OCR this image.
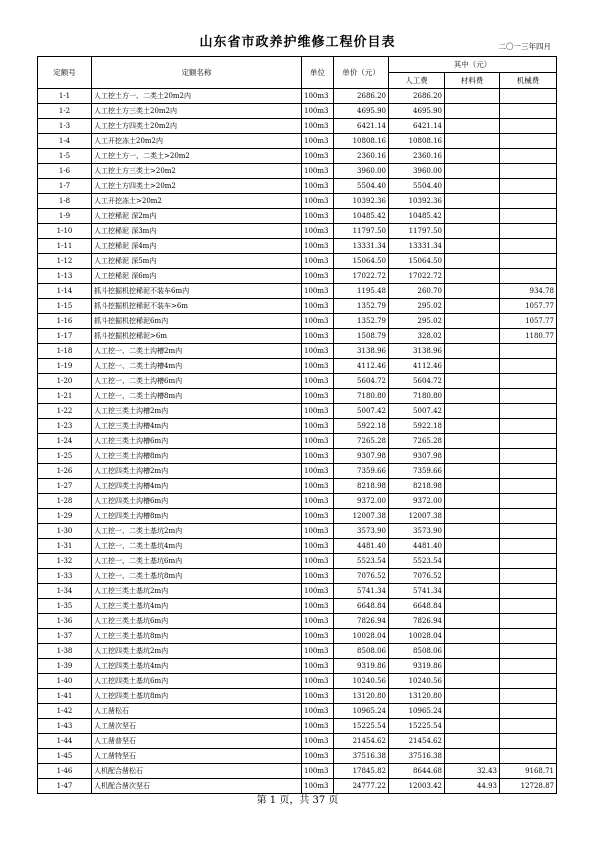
山东省市政养护维修工程价目表	二〇一三年四月
定额号	定额名称	单位	单价（元）	其中（元）		
				人工费	材料费	机械费
1-1	人工挖土方一、二类土20m2内	100m3	2686.20	2686.20		
1-2	人工挖土方三类土20m2内	100m3	4695.90	4695.90		
1-3	人工挖土方四类土20m2内	100m3	6421.14	6421.14		
1-4	人工开挖冻土20m2内	100m3	10808.16	10808.16		
1-5	人工挖土方一、二类土>20m2	100m3	2360.16	2360.16		
1-6	人工挖土方三类土>20m2	100m3	3960.00	3960.00		
1-7	人工挖土方四类土>20m2	100m3	5504.40	5504.40		
1-8	人工开挖冻土>20m2	100m3	10392.36	10392.36		
1-9	人工挖稀泥 深2m内	100m3	10485.42	10485.42		
1-10	人工挖稀泥 深3m内	100m3	11797.50	11797.50		
1-11	人工挖稀泥 深4m内	100m3	13331.34	13331.34		
1-12	人工挖稀泥 深5m内	100m3	15064.50	15064.50		
1-13	人工挖稀泥 深6m内	100m3	17022.72	17022.72		
1-14	抓斗挖掘机挖稀泥不装车6m内	100m3	1195.48	260.70		934.78
1-15	抓斗挖掘机挖稀泥不装车>6m	100m3	1352.79	295.02		1057.77
1-16	抓斗挖掘机挖稀泥6m内	100m3	1352.79	295.02		1057.77
1-17	抓斗挖掘机挖稀泥>6m	100m3	1508.79	328.02		1180.77
1-18	人工挖一、二类土沟槽2m内	100m3	3138.96	3138.96		
1-19	人工挖一、二类土沟槽4m内	100m3	4112.46	4112.46		
1-20	人工挖一、二类土沟槽6m内	100m3	5604.72	5604.72		
1-21	人工挖一、二类土沟槽8m内	100m3	7180.80	7180.80		
1-22	人工挖三类土沟槽2m内	100m3	5007.42	5007.42		
1-23	人工挖三类土沟槽4m内	100m3	5922.18	5922.18		
1-24	人工挖三类土沟槽6m内	100m3	7265.28	7265.28		
1-25	人工挖三类土沟槽8m内	100m3	9307.98	9307.98		
1-26	人工挖四类土沟槽2m内	100m3	7359.66	7359.66		
1-27	人工挖四类土沟槽4m内	100m3	8218.98	8218.98		
1-28	人工挖四类土沟槽6m内	100m3	9372.00	9372.00		
1-29	人工挖四类土沟槽8m内	100m3	12007.38	12007.38		
1-30	人工挖一、二类土基坑2m内	100m3	3573.90	3573.90		
1-31	人工挖一、二类土基坑4m内	100m3	4481.40	4481.40		
1-32	人工挖一、二类土基坑6m内	100m3	5523.54	5523.54		
1-33	人工挖一、二类土基坑8m内	100m3	7076.52	7076.52		
1-34	人工挖三类土基坑2m内	100m3	5741.34	5741.34		
1-35	人工挖三类土基坑4m内	100m3	6648.84	6648.84		
1-36	人工挖三类土基坑6m内	100m3	7826.94	7826.94		
1-37	人工挖三类土基坑8m内	100m3	10028.04	10028.04		
1-38	人工挖四类土基坑2m内	100m3	8508.06	8508.06		
1-39	人工挖四类土基坑4m内	100m3	9319.86	9319.86		
1-40	人工挖四类土基坑6m内	100m3	10240.56	10240.56		
1-41	人工挖四类土基坑8m内	100m3	13120.80	13120.80		
1-42	人工凿松石	100m3	10965.24	10965.24		
1-43	人工凿次坚石	100m3	15225.54	15225.54		
1-44	人工凿普坚石	100m3	21454.62	21454.62		
1-45	人工凿特坚石	100m3	37516.38	37516.38		
1-46	人机配合凿松石	100m3	17845.82	8644.68	32.43	9168.71
1-47	人机配合凿次坚石	100m3	24777.22	12003.42	44.93	12728.87
第 1 页，共 37 页
